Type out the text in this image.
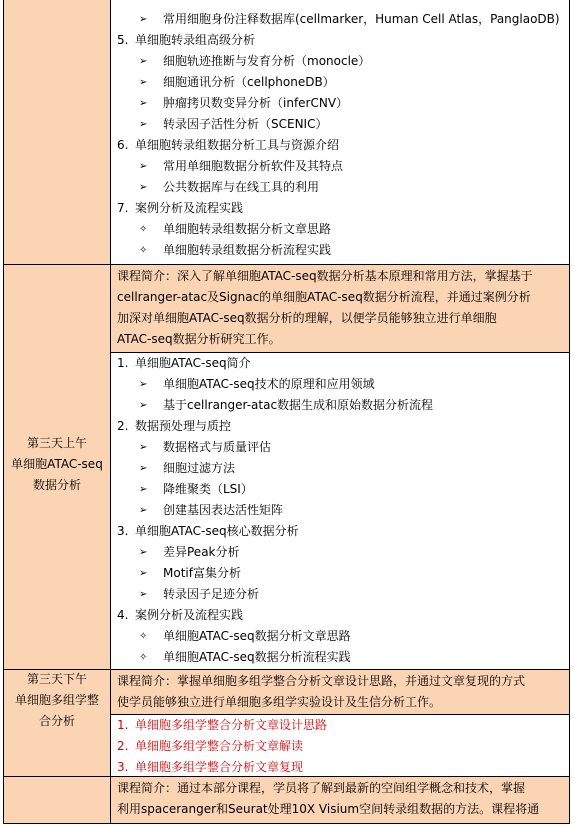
➢ 常用细胞身份注释数据库(cellmarker，Human Cell Atlas，PanglaoDB)
5. 单细胞转录组高级分析
➢ 细胞轨迹推断与发育分析（monocle）
➢ 细胞通讯分析（cellphoneDB）
➢ 肿瘤拷贝数变异分析（inferCNV）
➢ 转录因子活性分析（SCENIC）
6. 单细胞转录组数据分析工具与资源介绍
➢ 常用单细胞数据分析软件及其特点
➢ 公共数据库与在线工具的利用
7. 案例分析及流程实践
✧ 单细胞转录组数据分析文章思路
✧ 单细胞转录组数据分析流程实践
第三天上午
单细胞ATAC-seq
数据分析
课程简介：深入了解单细胞ATAC-seq数据分析基本原理和常用方法，掌握基于
cellranger-atac及Signac的单细胞ATAC-seq数据分析流程，并通过案例分析
加深对单细胞ATAC-seq数据分析的理解，以便学员能够独立进行单细胞
ATAC-seq数据分析研究工作。
1. 单细胞ATAC-seq简介
➢ 单细胞ATAC-seq技术的原理和应用领域
➢ 基于cellranger-atac数据生成和原始数据分析流程
2. 数据预处理与质控
➢ 数据格式与质量评估
➢ 细胞过滤方法
➢ 降维聚类（LSI）
➢ 创建基因表达活性矩阵
3. 单细胞ATAC-seq核心数据分析
➢ 差异Peak分析
➢ Motif富集分析
➢ 转录因子足迹分析
4. 案例分析及流程实践
✧ 单细胞ATAC-seq数据分析文章思路
✧ 单细胞ATAC-seq数据分析流程实践
第三天下午
单细胞多组学整
合分析
课程简介：掌握单细胞多组学整合分析文章设计思路，并通过文章复现的方式
使学员能够独立进行单细胞多组学实验设计及生信分析工作。
1. 单细胞多组学整合分析文章设计思路
2. 单细胞多组学整合分析文章解读
3. 单细胞多组学整合分析文章复现
课程简介：通过本部分课程，学员将了解到最新的空间组学概念和技术，掌握
利用spaceranger和Seurat处理10X Visium空间转录组数据的方法。课程将通
